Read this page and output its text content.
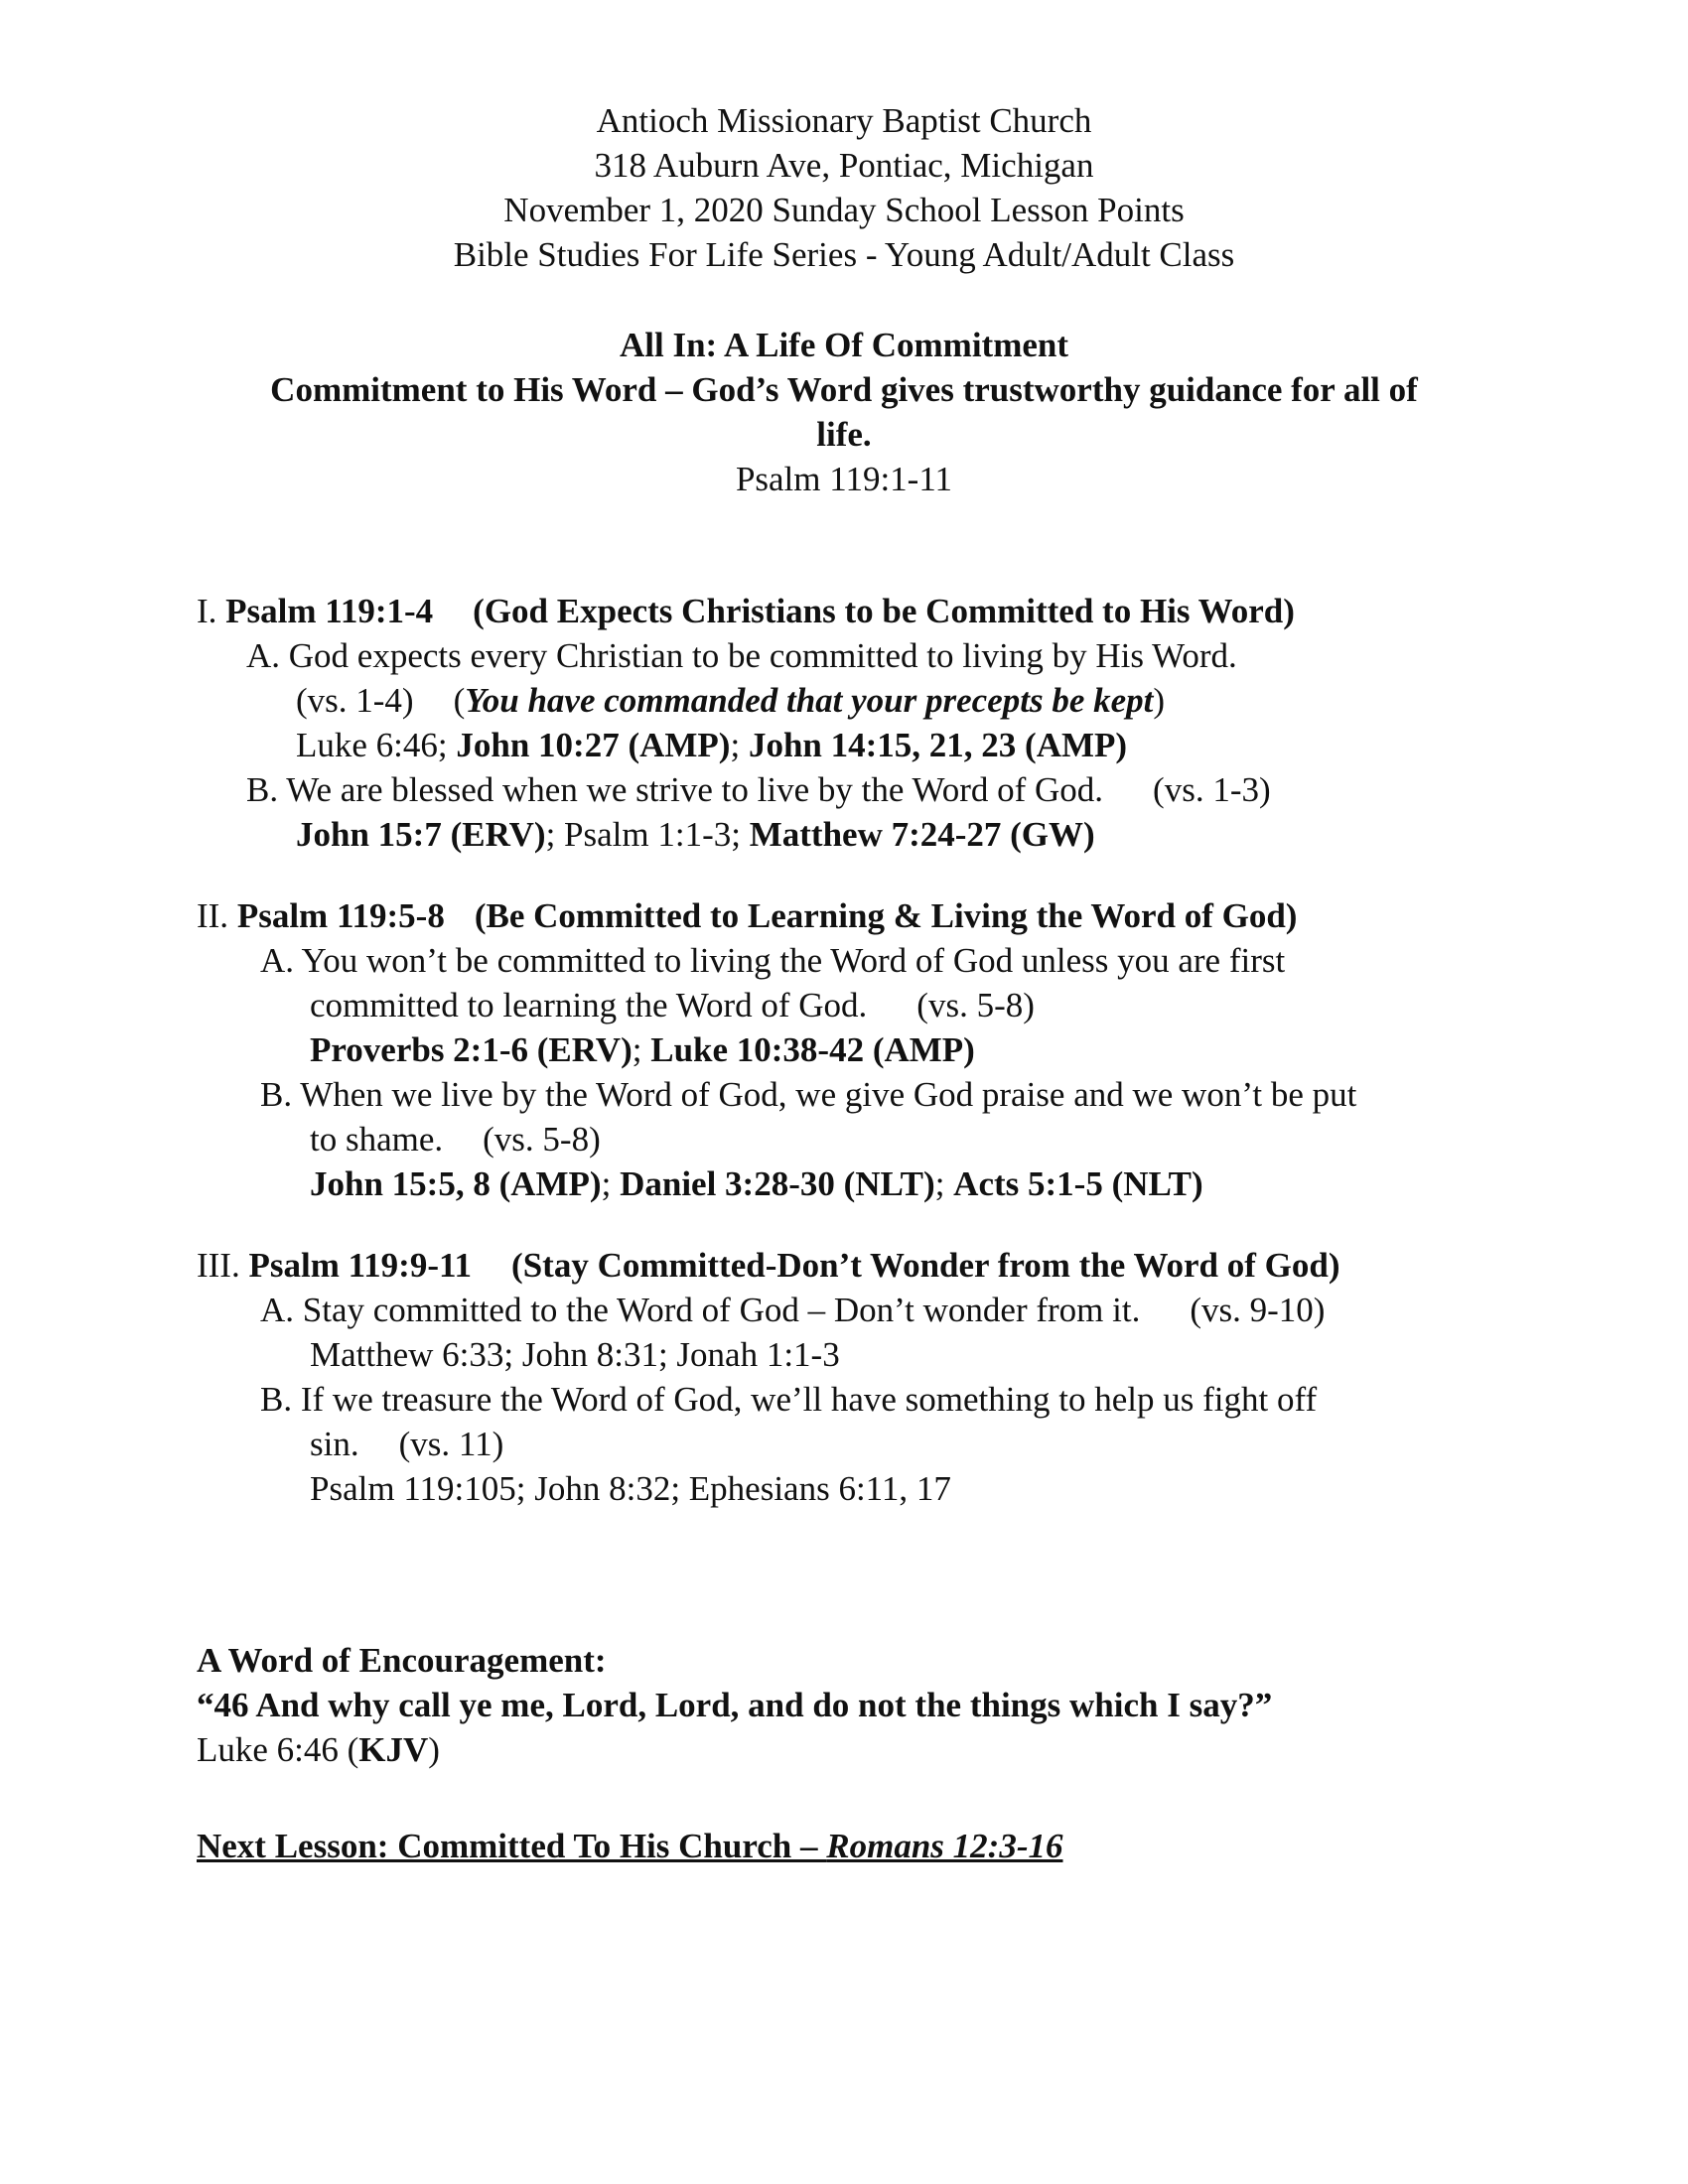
Antioch Missionary Baptist Church
318 Auburn Ave, Pontiac, Michigan
November 1, 2020 Sunday School Lesson Points
Bible Studies For Life Series - Young Adult/Adult Class
All In: A Life Of Commitment
Commitment to His Word – God’s Word gives trustworthy guidance for all of
life.
Psalm 119:1-11
I. Psalm 119:1-4 (God Expects Christians to be Committed to His Word)
A. God expects every Christian to be committed to living by His Word.
(vs. 1-4) (You have commanded that your precepts be kept)
Luke 6:46; John 10:27 (AMP); John 14:15, 21, 23 (AMP)
B. We are blessed when we strive to live by the Word of God. (vs. 1-3)
John 15:7 (ERV); Psalm 1:1-3; Matthew 7:24-27 (GW)
II. Psalm 119:5-8 (Be Committed to Learning & Living the Word of God)
A. You won’t be committed to living the Word of God unless you are first
committed to learning the Word of God. (vs. 5-8)
Proverbs 2:1-6 (ERV); Luke 10:38-42 (AMP)
B. When we live by the Word of God, we give God praise and we won’t be put
to shame. (vs. 5-8)
John 15:5, 8 (AMP); Daniel 3:28-30 (NLT); Acts 5:1-5 (NLT)
III. Psalm 119:9-11 (Stay Committed-Don’t Wonder from the Word of God)
A. Stay committed to the Word of God – Don’t wonder from it. (vs. 9-10)
Matthew 6:33; John 8:31; Jonah 1:1-3
B. If we treasure the Word of God, we’ll have something to help us fight off
sin. (vs. 11)
Psalm 119:105; John 8:32; Ephesians 6:11, 17
A Word of Encouragement:
“46 And why call ye me, Lord, Lord, and do not the things which I say?”
Luke 6:46 (KJV)
Next Lesson: Committed To His Church – Romans 12:3-16
